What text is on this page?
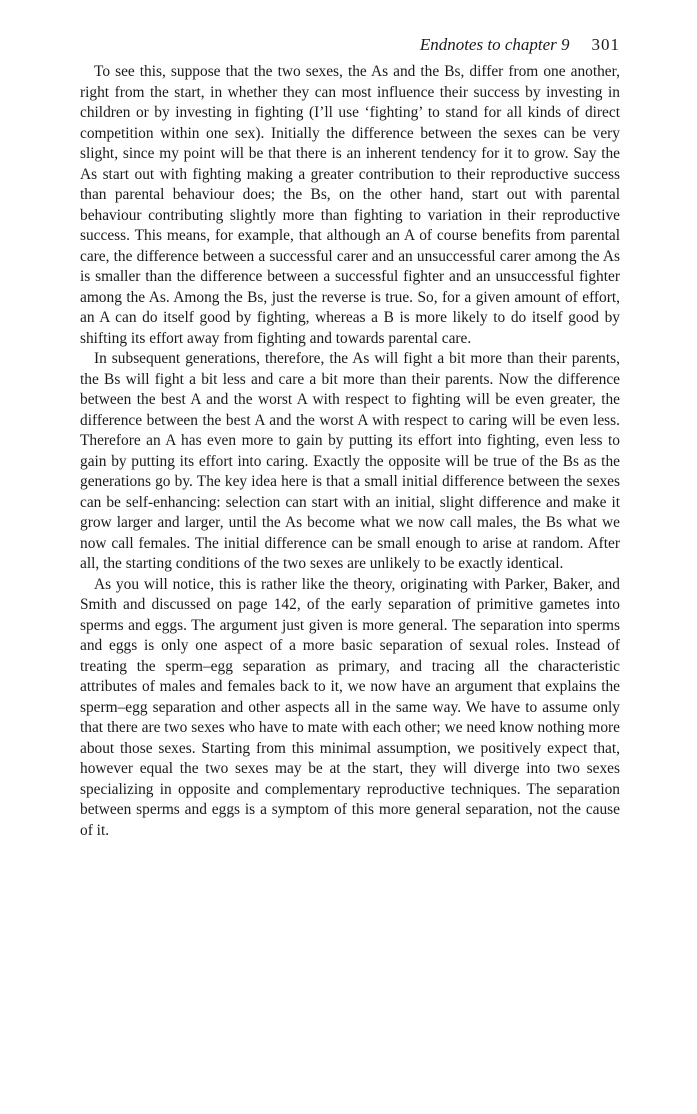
Endnotes to chapter 9 301

To see this, suppose that the two sexes, the As and the Bs, differ from one another, right from the start, in whether they can most influence their success by investing in children or by investing in fighting (I’ll use ‘fighting’ to stand for all kinds of direct competition within one sex). Initially the difference between the sexes can be very slight, since my point will be that there is an inherent tendency for it to grow. Say the As start out with fighting making a greater contribution to their reproductive success than parental behaviour does; the Bs, on the other hand, start out with parental behaviour contributing slightly more than fighting to variation in their reproductive success. This means, for example, that although an A of course benefits from parental care, the difference between a successful carer and an unsuccessful carer among the As is smaller than the difference between a successful fighter and an unsuccessful fighter among the As. Among the Bs, just the reverse is true. So, for a given amount of effort, an A can do itself good by fighting, whereas a B is more likely to do itself good by shifting its effort away from fighting and towards parental care.

In subsequent generations, therefore, the As will fight a bit more than their parents, the Bs will fight a bit less and care a bit more than their parents. Now the difference between the best A and the worst A with respect to fighting will be even greater, the difference between the best A and the worst A with respect to caring will be even less. Therefore an A has even more to gain by putting its effort into fighting, even less to gain by putting its effort into caring. Exactly the opposite will be true of the Bs as the generations go by. The key idea here is that a small initial difference between the sexes can be self-enhancing: selection can start with an initial, slight difference and make it grow larger and larger, until the As become what we now call males, the Bs what we now call females. The initial difference can be small enough to arise at random. After all, the starting conditions of the two sexes are unlikely to be exactly identical.

As you will notice, this is rather like the theory, originating with Parker, Baker, and Smith and discussed on page 142, of the early separation of primitive gametes into sperms and eggs. The argument just given is more general. The separation into sperms and eggs is only one aspect of a more basic separation of sexual roles. Instead of treating the sperm–egg separation as primary, and tracing all the characteristic attributes of males and females back to it, we now have an argument that explains the sperm–egg separation and other aspects all in the same way. We have to assume only that there are two sexes who have to mate with each other; we need know nothing more about those sexes. Starting from this minimal assumption, we positively expect that, however equal the two sexes may be at the start, they will diverge into two sexes specializing in opposite and complementary reproductive techniques. The separation between sperms and eggs is a symptom of this more general separation, not the cause of it.
